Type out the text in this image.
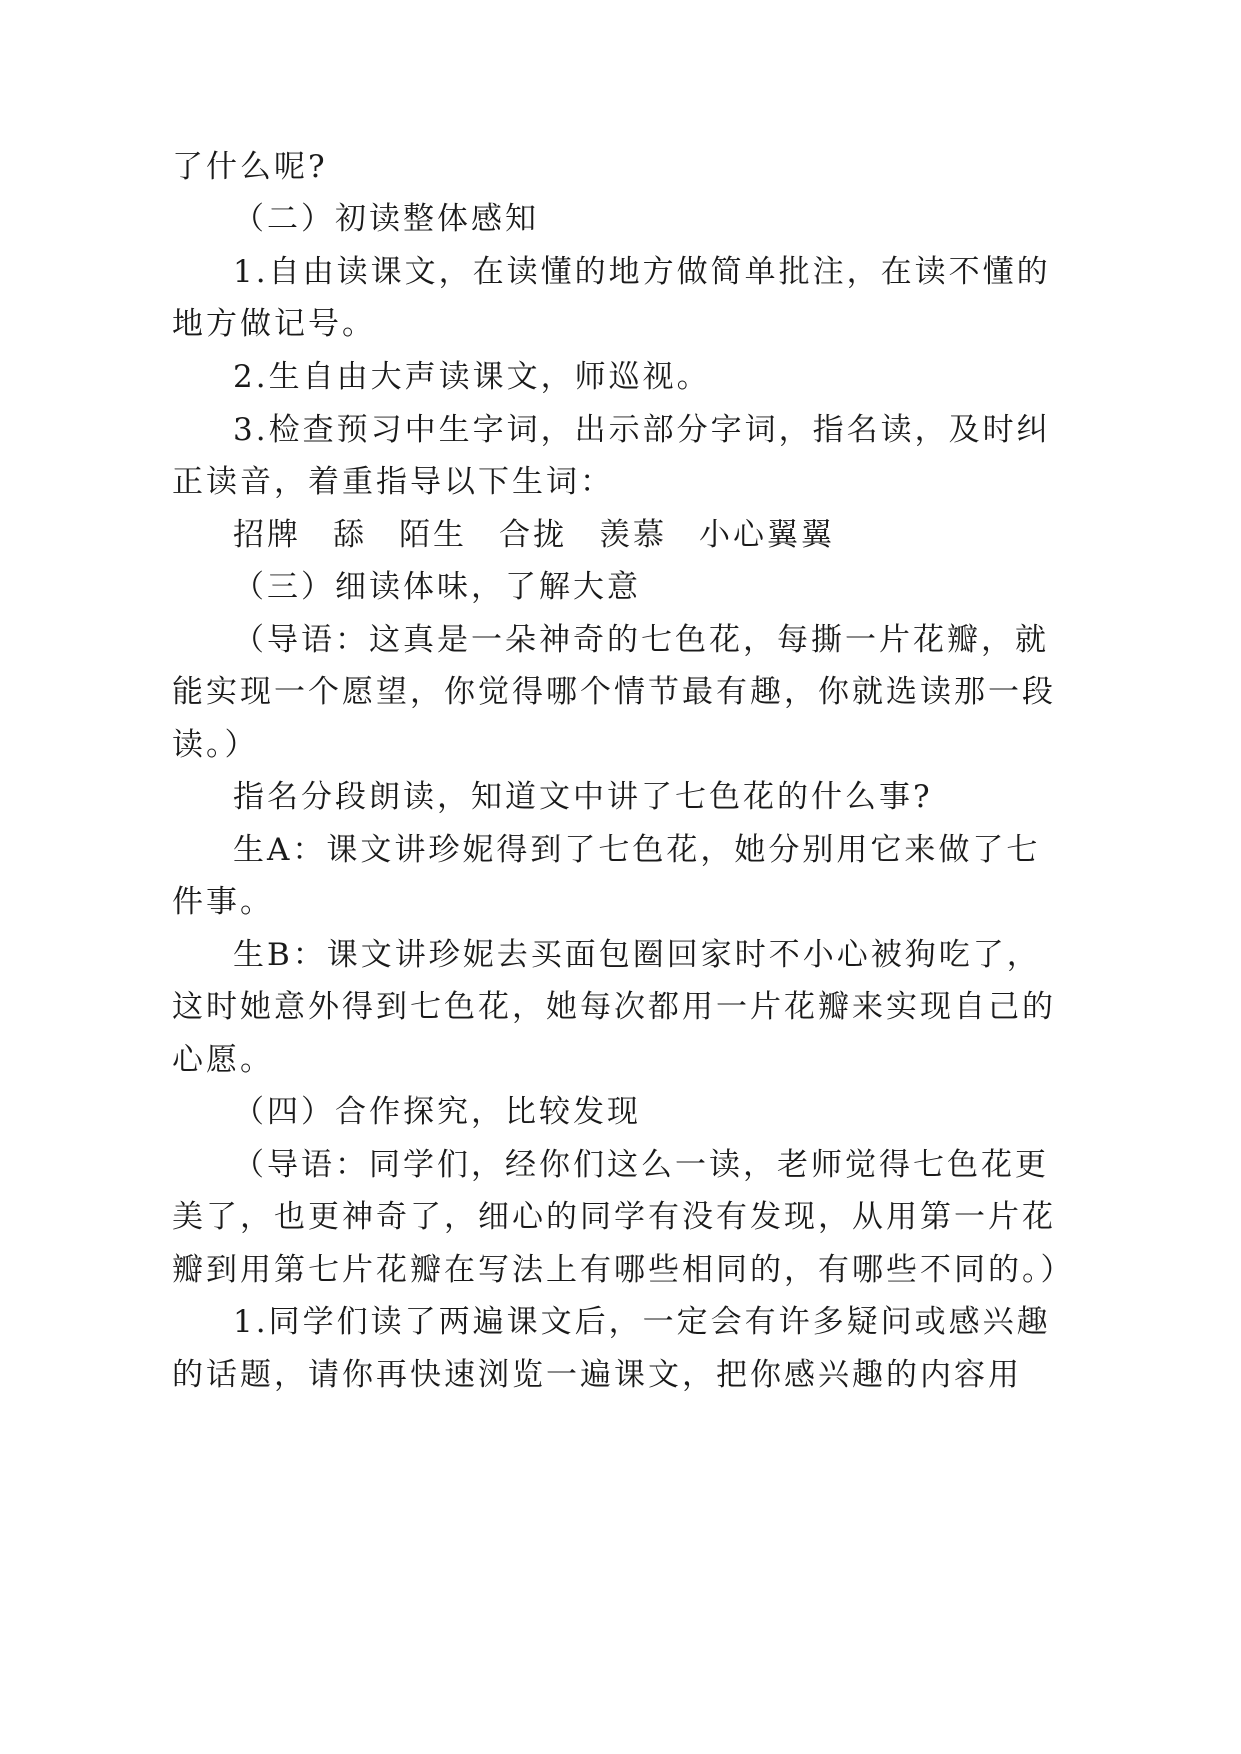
了什么呢?
（二）初读整体感知
1.自由读课文，在读懂的地方做简单批注，在读不懂的
地方做记号。
2.生自由大声读课文，师巡视。
3.检查预习中生字词，出示部分字词，指名读，及时纠
正读音，着重指导以下生词：
招牌 舔 陌生 合拢 羡慕 小心翼翼
（三）细读体味，了解大意
（导语：这真是一朵神奇的七色花，每撕一片花瓣，就
能实现一个愿望，你觉得哪个情节最有趣，你就选读那一段
读。）
指名分段朗读，知道文中讲了七色花的什么事?
生A：课文讲珍妮得到了七色花，她分别用它来做了七
件事。
生B：课文讲珍妮去买面包圈回家时不小心被狗吃了，
这时她意外得到七色花，她每次都用一片花瓣来实现自己的
心愿。
（四）合作探究，比较发现
（导语：同学们，经你们这么一读，老师觉得七色花更
美了，也更神奇了，细心的同学有没有发现，从用第一片花
瓣到用第七片花瓣在写法上有哪些相同的，有哪些不同的。）
1.同学们读了两遍课文后，一定会有许多疑问或感兴趣
的话题，请你再快速浏览一遍课文，把你感兴趣的内容用
